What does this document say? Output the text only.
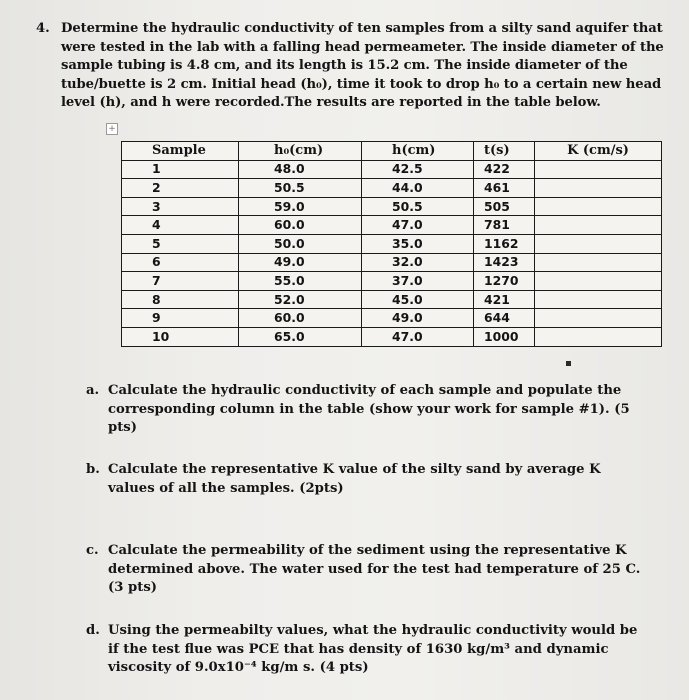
4. Determine the hydraulic conductivity of ten samples from a silty sand aquifer that were tested in the lab with a falling head permeameter. The inside diameter of the sample tubing is 4.8 cm, and its length is 15.2 cm. The inside diameter of the tube/buette is 2 cm. Initial head (h₀), time it took to drop h₀ to a certain new head level (h), and h were recorded.The results are reported in the table below.
+
Sample	h₀(cm)	h(cm)	t(s)	K (cm/s)
1	48.0	42.5	422	
2	50.5	44.0	461	
3	59.0	50.5	505	
4	60.0	47.0	781	
5	50.0	35.0	1162	
6	49.0	32.0	1423	
7	55.0	37.0	1270	
8	52.0	45.0	421	
9	60.0	49.0	644	
10	65.0	47.0	1000	
a. Calculate the hydraulic conductivity of each sample and populate the corresponding column in the table (show your work for sample #1). (5 pts)
b. Calculate the representative K value of the silty sand by average K values of all the samples. (2pts)
c. Calculate the permeability of the sediment using the representative K determined above. The water used for the test had temperature of 25 C. (3 pts)
d. Using the permeabilty values, what the hydraulic conductivity would be if the test flue was PCE that has density of 1630 kg/m³ and dynamic viscosity of 9.0x10⁻⁴ kg/m s. (4 pts)
